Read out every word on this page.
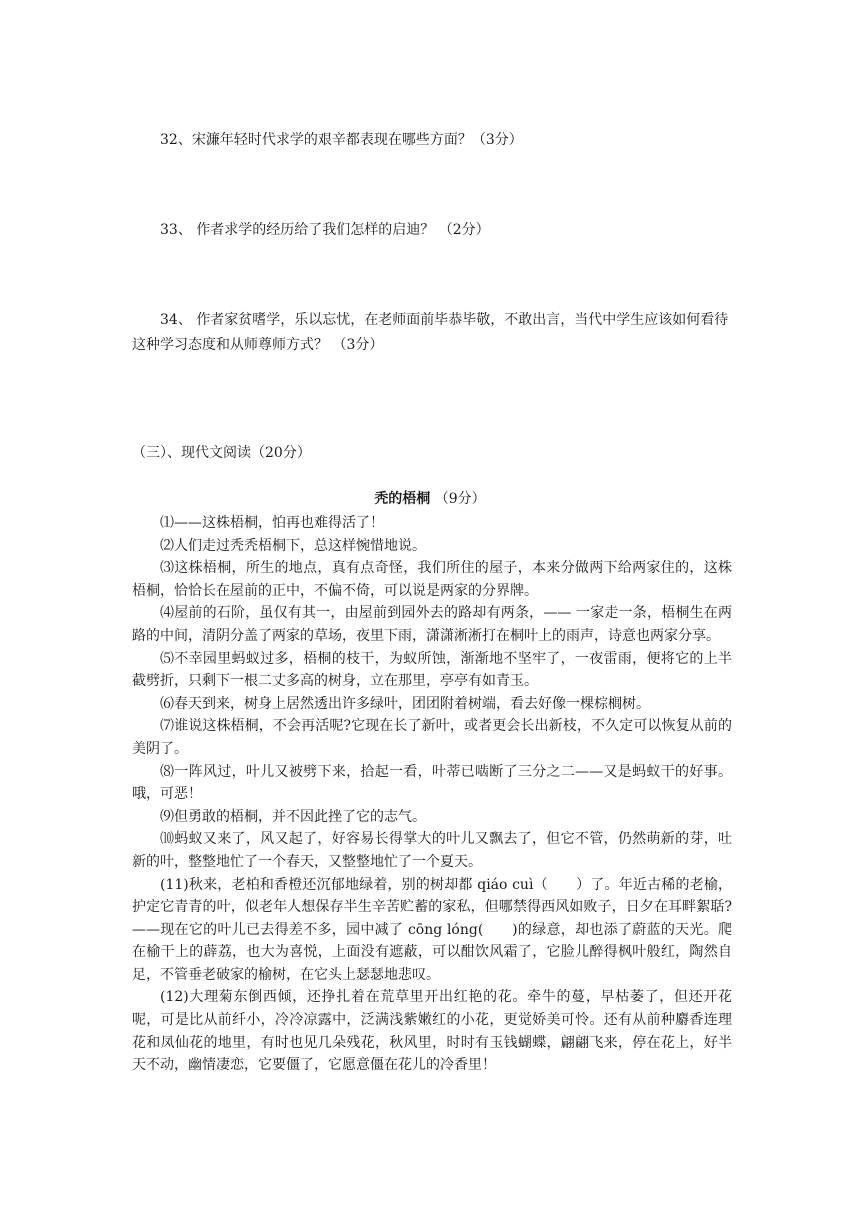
32、宋濂年轻时代求学的艰辛都表现在哪些方面？（3分）
33、 作者求学的经历给了我们怎样的启迪？ （2分）
34、 作者家贫嗜学，乐以忘忧，在老师面前毕恭毕敬，不敢出言，当代中学生应该如何看待这种学习态度和从师尊师方式？ （3分）
（三）、现代文阅读（20分）
秃的梧桐 （9分）

⑴——这株梧桐，怕再也难得活了！

⑵人们走过秃秃梧桐下，总这样惋惜地说。

⑶这株梧桐，所生的地点，真有点奇怪，我们所住的屋子，本来分做两下给两家住的，这株梧桐，恰恰长在屋前的正中，不偏不倚，可以说是两家的分界牌。

⑷屋前的石阶，虽仅有其一，由屋前到园外去的路却有两条，—— 一家走一条，梧桐生在两路的中间，清阴分盖了两家的草场，夜里下雨，潇潇淅淅打在桐叶上的雨声，诗意也两家分享。

⑸不幸园里蚂蚁过多，梧桐的枝干，为蚁所蚀，渐渐地不坚牢了，一夜雷雨，便将它的上半截劈折，只剩下一根二丈多高的树身，立在那里，亭亭有如青玉。

⑹春天到来，树身上居然透出许多绿叶，团团附着树端，看去好像一棵棕榈树。

⑺谁说这株梧桐，不会再活呢?它现在长了新叶，或者更会长出新枝，不久定可以恢复从前的美阴了。

⑻一阵风过，叶儿又被劈下来，拾起一看，叶蒂已啮断了三分之二——又是蚂蚁干的好事。哦，可恶！

⑼但勇敢的梧桐，并不因此挫了它的志气。

⑽蚂蚁又来了，风又起了，好容易长得掌大的叶儿又飘去了，但它不管，仍然萌新的芽，吐新的叶，整整地忙了一个春天，又整整地忙了一个夏天。

(11)秋来，老柏和香橙还沉郁地绿着，别的树却都 qiáo cuì（　　）了。年近古稀的老榆，护定它青青的叶，似老年人想保存半生辛苦贮蓄的家私，但哪禁得西风如败子，日夕在耳畔絮聒?——现在它的叶儿已去得差不多，园中减了 cōng lóng(　　)的绿意，却也添了蔚蓝的天光。爬在榆干上的薜荔，也大为喜悦，上面没有遮蔽，可以酣饮风霜了，它脸儿醉得枫叶般红，陶然自足，不管垂老破家的榆树，在它头上瑟瑟地悲叹。

(12)大理菊东倒西倾，还挣扎着在荒草里开出红艳的花。牵牛的蔓，早枯萎了，但还开花呢，可是比从前纤小，冷冷凉露中，泛满浅紫嫩红的小花，更觉娇美可怜。还有从前种麝香连理花和凤仙花的地里，有时也见几朵残花，秋风里，时时有玉钱蝴蝶，翩翩飞来，停在花上，好半天不动，幽情凄恋，它要僵了，它愿意僵在花儿的冷香里！
